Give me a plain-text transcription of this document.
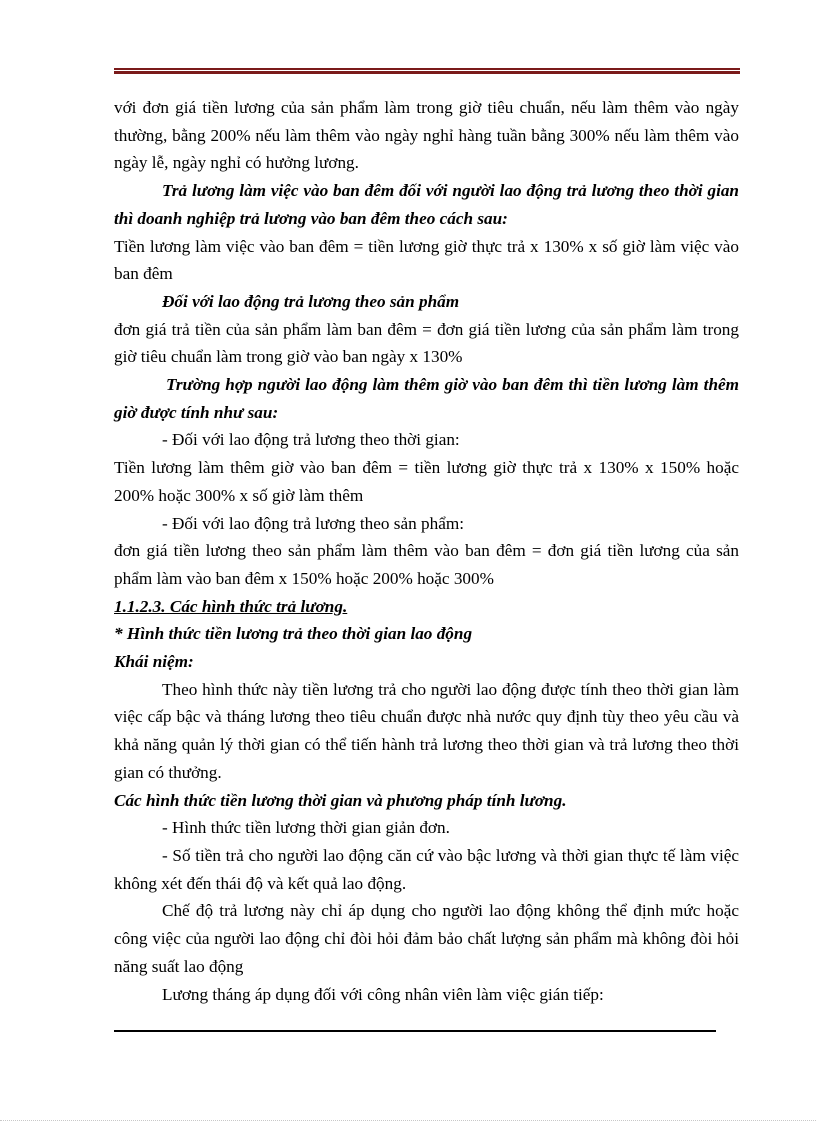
với đơn giá tiền lương của sản phẩm làm trong giờ tiêu chuẩn, nếu làm thêm vào ngày thường, bằng 200% nếu làm thêm vào ngày nghỉ hàng tuần bằng 300% nếu làm thêm vào ngày lễ, ngày nghỉ có hưởng lương.

Trả lương làm việc vào ban đêm đối với người lao động trả lương theo thời gian thì doanh nghiệp trả lương vào ban đêm theo cách sau:

Tiền lương làm việc vào ban đêm = tiền lương giờ thực trả x 130% x số giờ làm việc vào ban đêm

Đối với lao động trả lương theo sản phẩm

đơn giá trả tiền của sản phẩm làm ban đêm = đơn giá tiền lương của sản phẩm làm trong giờ tiêu chuẩn làm trong giờ vào ban ngày x 130%

Trường hợp người lao động làm thêm giờ vào ban đêm thì tiền lương làm thêm giờ được tính như sau:

- Đối với lao động trả lương theo thời gian:

Tiền lương làm thêm giờ vào ban đêm = tiền lương giờ thực trả x 130% x 150% hoặc 200% hoặc 300% x số giờ làm thêm

- Đối với lao động trả lương theo sản phẩm:

đơn giá tiền lương theo sản phẩm làm thêm vào ban đêm = đơn giá tiền lương của sản phẩm làm vào ban đêm x 150% hoặc 200% hoặc 300%

1.1.2.3. Các hình thức trả lương.

* Hình thức tiền lương trả theo thời gian lao động

Khái niệm:

Theo hình thức này tiền lương trả cho người lao động được tính theo thời gian làm việc cấp bậc và tháng lương theo tiêu chuẩn được nhà nước quy định tùy theo yêu cầu và khả năng quản lý thời gian có thể tiến hành trả lương theo thời gian và trả lương theo thời gian có thưởng.

Các hình thức tiền lương thời gian và phương pháp tính lương.

- Hình thức tiền lương thời gian giản đơn.

- Số tiền trả cho người lao động căn cứ vào bậc lương và thời gian thực tế làm việc không xét đến thái độ và kết quả lao động.

Chế độ trả lương này chỉ áp dụng cho người lao động không thể định mức hoặc công việc của người lao động chỉ đòi hỏi đảm bảo chất lượng sản phẩm mà không đòi hỏi năng suất lao động

Lương tháng áp dụng đối với công nhân viên làm việc gián tiếp:
